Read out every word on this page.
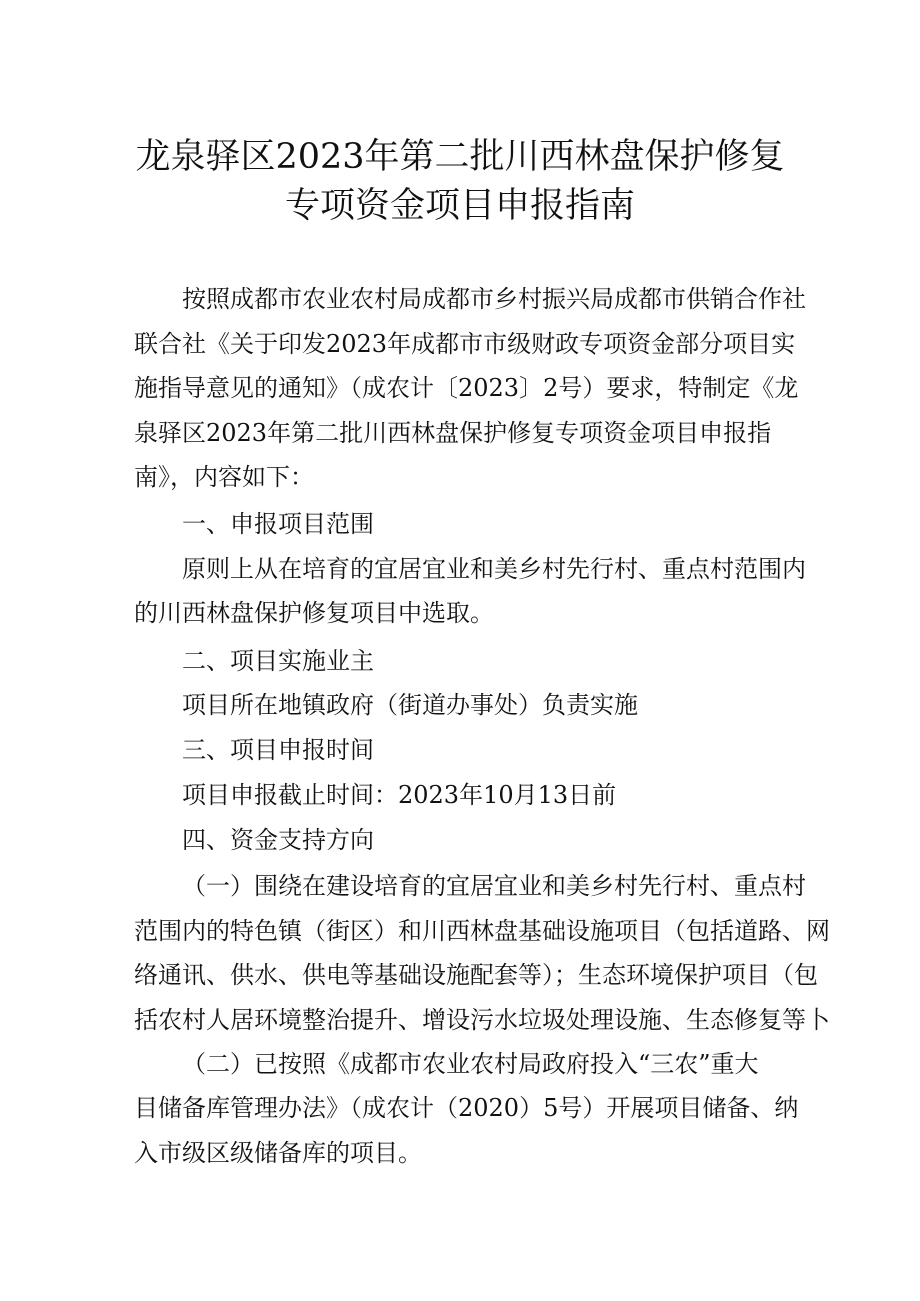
龙泉驿区2023年第二批川西林盘保护修复
专项资金项目申报指南
按照成都市农业农村局成都市乡村振兴局成都市供销合作社
联合社《关于印发2023年成都市市级财政专项资金部分项目实
施指导意见的通知》（成农计〔2023〕2号）要求，特制定《龙
泉驿区2023年第二批川西林盘保护修复专项资金项目申报指
南》，内容如下：
一、申报项目范围
原则上从在培育的宜居宜业和美乡村先行村、重点村范围内
的川西林盘保护修复项目中选取。
二、项目实施业主
项目所在地镇政府（街道办事处）负责实施
三、项目申报时间
项目申报截止时间：2023年10月13日前
四、资金支持方向
（一）围绕在建设培育的宜居宜业和美乡村先行村、重点村
范围内的特色镇（街区）和川西林盘基础设施项目（包括道路、网
络通讯、供水、供电等基础设施配套等）；生态环境保护项目（包
括农村人居环境整治提升、增设污水垃圾处理设施、生态修复等卜
（二）已按照《成都市农业农村局政府投入“三农”重大
目储备库管理办法》（成农计（2020）5号）开展项目储备、纳
入市级区级储备库的项目。
